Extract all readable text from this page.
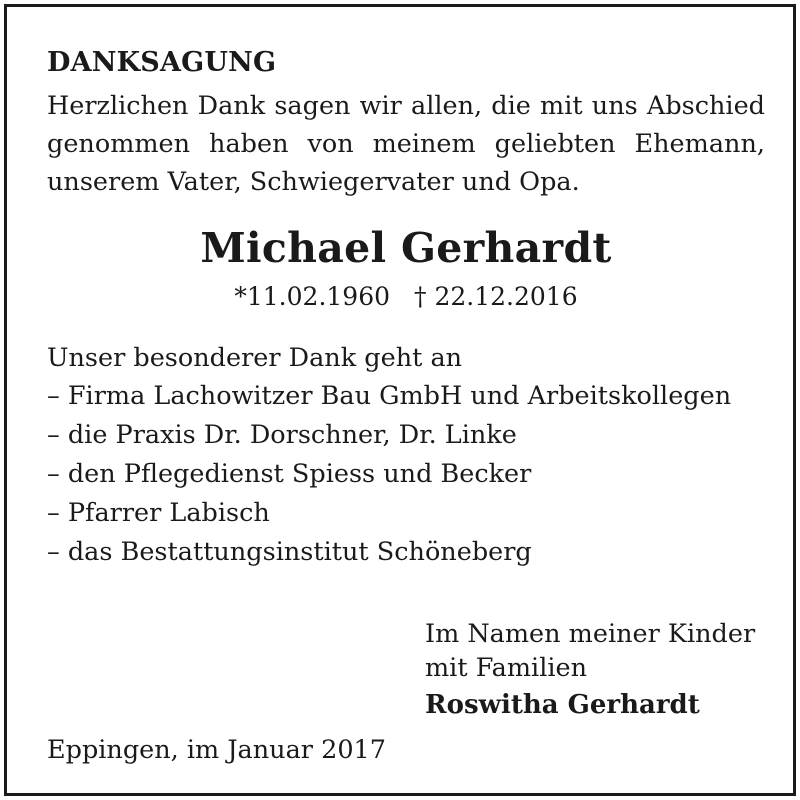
DANKSAGUNG
Herzlichen Dank sagen wir allen, die mit uns Abschied genommen haben von meinem geliebten Ehemann, unserem Vater, Schwiegervater und Opa.
Michael Gerhardt
*11.02.1960 † 22.12.2016
Unser besonderer Dank geht an
– Firma Lachowitzer Bau GmbH und Arbeitskollegen
– die Praxis Dr. Dorschner, Dr. Linke
– den Pflegedienst Spiess und Becker
– Pfarrer Labisch
– das Bestattungsinstitut Schöneberg
Im Namen meiner Kinder
mit Familien
Roswitha Gerhardt
Eppingen, im Januar 2017
